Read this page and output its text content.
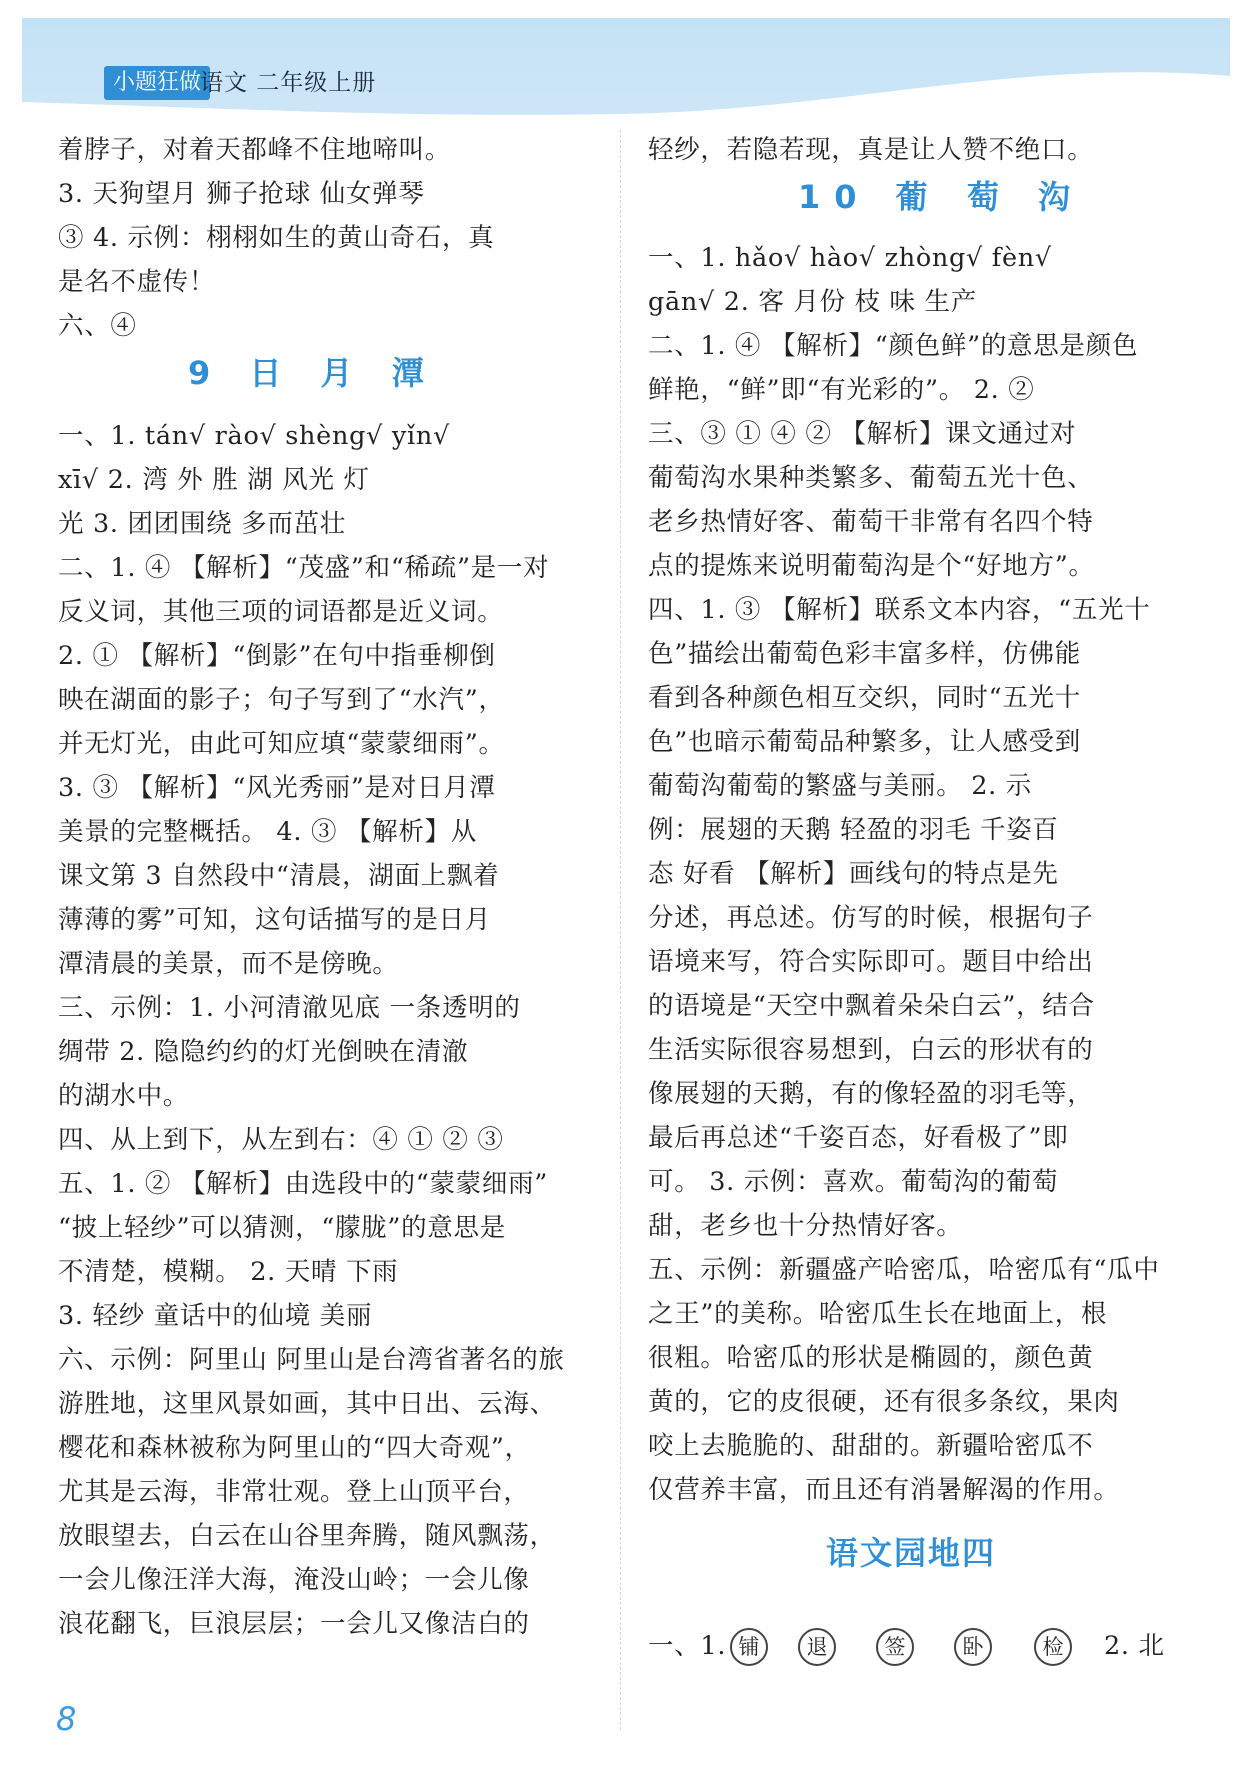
小题狂做
语文 二年级上册
着脖子，对着天都峰不住地啼叫。
3. 天狗望月 狮子抢球 仙女弹琴
③ 4. 示例：栩栩如生的黄山奇石，真
是名不虚传！
六、④
9 日 月 潭
一、1. tán√ rào√ shèng√ yǐn√
xī√ 2. 湾 外 胜 湖 风光 灯
光 3. 团团围绕 多而茁壮
二、1. ④ 【解析】“茂盛”和“稀疏”是一对
反义词，其他三项的词语都是近义词。
2. ① 【解析】“倒影”在句中指垂柳倒
映在湖面的影子；句子写到了“水汽”，
并无灯光，由此可知应填“蒙蒙细雨”。
3. ③ 【解析】“风光秀丽”是对日月潭
美景的完整概括。 4. ③ 【解析】从
课文第 3 自然段中“清晨，湖面上飘着
薄薄的雾”可知，这句话描写的是日月
潭清晨的美景，而不是傍晚。
三、示例：1. 小河清澈见底 一条透明的
绸带 2. 隐隐约约的灯光倒映在清澈
的湖水中。
四、从上到下，从左到右：④ ① ② ③
五、1. ② 【解析】由选段中的“蒙蒙细雨”
“披上轻纱”可以猜测，“朦胧”的意思是
不清楚，模糊。 2. 天晴 下雨
3. 轻纱 童话中的仙境 美丽
六、示例：阿里山 阿里山是台湾省著名的旅
游胜地，这里风景如画，其中日出、云海、
樱花和森林被称为阿里山的“四大奇观”，
尤其是云海，非常壮观。登上山顶平台，
放眼望去，白云在山谷里奔腾，随风飘荡，
一会儿像汪洋大海，淹没山岭；一会儿像
浪花翻飞，巨浪层层；一会儿又像洁白的
轻纱，若隐若现，真是让人赞不绝口。
10 葡 萄 沟
一、1. hǎo√ hào√ zhòng√ fèn√
gān√ 2. 客 月份 枝 味 生产
二、1. ④ 【解析】“颜色鲜”的意思是颜色
鲜艳，“鲜”即“有光彩的”。 2. ②
三、③ ① ④ ② 【解析】课文通过对
葡萄沟水果种类繁多、葡萄五光十色、
老乡热情好客、葡萄干非常有名四个特
点的提炼来说明葡萄沟是个“好地方”。
四、1. ③ 【解析】联系文本内容，“五光十
色”描绘出葡萄色彩丰富多样，仿佛能
看到各种颜色相互交织，同时“五光十
色”也暗示葡萄品种繁多，让人感受到
葡萄沟葡萄的繁盛与美丽。 2. 示
例：展翅的天鹅 轻盈的羽毛 千姿百
态 好看 【解析】画线句的特点是先
分述，再总述。仿写的时候，根据句子
语境来写，符合实际即可。题目中给出
的语境是“天空中飘着朵朵白云”，结合
生活实际很容易想到，白云的形状有的
像展翅的天鹅，有的像轻盈的羽毛等，
最后再总述“千姿百态，好看极了”即
可。 3. 示例：喜欢。葡萄沟的葡萄
甜，老乡也十分热情好客。
五、示例：新疆盛产哈密瓜，哈密瓜有“瓜中
之王”的美称。哈密瓜生长在地面上，根
很粗。哈密瓜的形状是椭圆的，颜色黄
黄的，它的皮很硬，还有很多条纹，果肉
咬上去脆脆的、甜甜的。新疆哈密瓜不
仅营养丰富，而且还有消暑解渴的作用。
语文园地四
一、1. 铺	退	签	卧	检	2. 北
8
